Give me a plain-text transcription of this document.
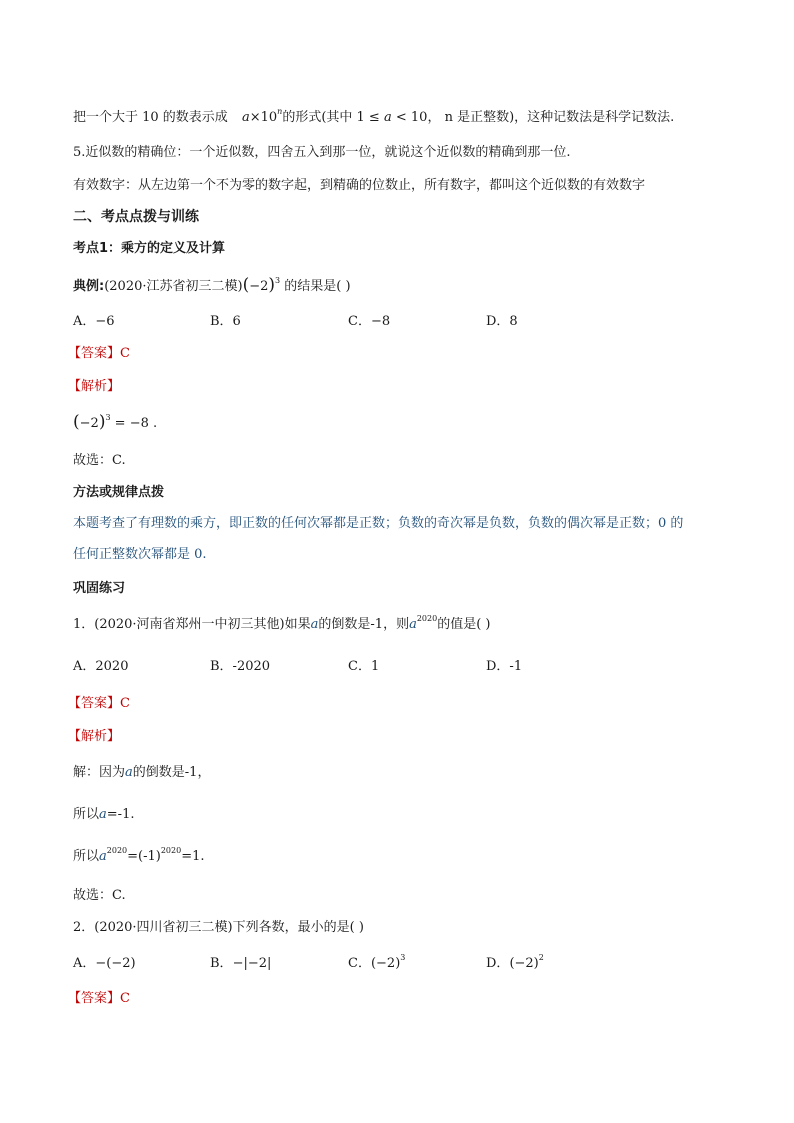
把一个大于 10 的数表示成 $a\times 10^n$的形式(其中 1 ≤ a < 10， n 是正整数)，这种记数法是科学记数法.
5.近似数的精确位：一个近似数，四舍五入到那一位，就说这个近似数的精确到那一位.
有效数字：从左边第一个不为零的数字起，到精确的位数止，所有数字，都叫这个近似数的有效数字
二、考点点拨与训练
考点1：乘方的定义及计算
典例:(2020·江苏省初三二模)$(-2)^3$ 的结果是( )
A．−6	B．6	C．−8	D．8
【答案】C
【解析】
$(-2)^3 = -8$ .
故选：C.
方法或规律点拨
本题考查了有理数的乘方，即正数的任何次幂都是正数；负数的奇次幂是负数，负数的偶次幂是正数；0 的
任何正整数次幂都是 0.
巩固练习
1．(2020·河南省郑州一中初三其他)如果a的倒数是-1，则$a^{2020}$的值是( )
A．2020	B．-2020	C．1	D．-1
【答案】C
【解析】
解：因为a的倒数是-1，
所以a=-1.
所以$a^{2020}=(-1)^{2020}=1$.
故选：C.
2．(2020·四川省初三二模)下列各数，最小的是( )
A．−(−2)	B．−|−2|	C．$(-2)^3$	D．$(-2)^2$
【答案】C
